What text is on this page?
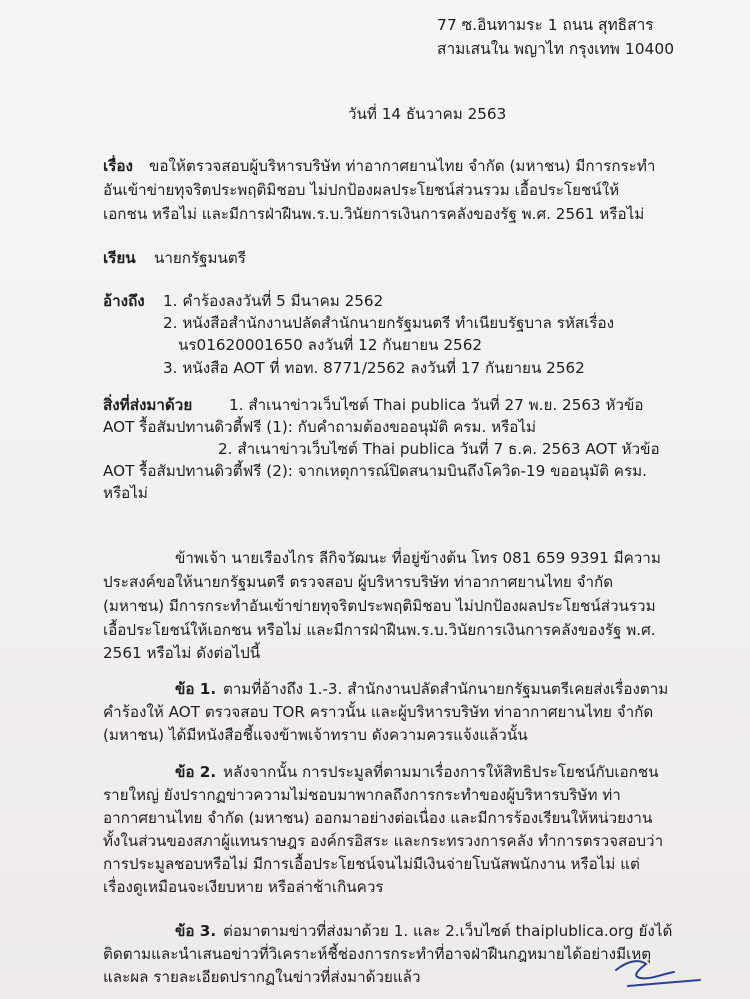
77 ซ.อินทามระ 1 ถนน สุทธิสาร
สามเสนใน พญาไท กรุงเทพ 10400
วันที่ 14 ธันวาคม 2563
เรื่อง ขอให้ตรวจสอบผู้บริหารบริษัท ท่าอากาศยานไทย จำกัด (มหาชน) มีการกระทำ
อันเข้าข่ายทุจริตประพฤติมิชอบ ไม่ปกป้องผลประโยชน์ส่วนรวม เอื้อประโยชน์ให้
เอกชน หรือไม่ และมีการฝ่าฝืนพ.ร.บ.วินัยการเงินการคลังของรัฐ พ.ศ. 2561 หรือไม่
เรียน นายกรัฐมนตรี
อ้างถึง 1. คำร้องลงวันที่ 5 มีนาคม 2562
2. หนังสือสำนักงานปลัดสำนักนายกรัฐมนตรี ทำเนียบรัฐบาล รหัสเรื่อง
นร01620001650 ลงวันที่ 12 กันยายน 2562
3. หนังสือ AOT ที่ ทอท. 8771/2562 ลงวันที่ 17 กันยายน 2562
สิ่งที่ส่งมาด้วย 1. สำเนาข่าวเว็บไซต์ Thai publica วันที่ 27 พ.ย. 2563 หัวข้อ
AOT รื้อสัมปทานดิวตี้ฟรี (1): กับคำถามต้องขออนุมัติ ครม. หรือไม่
2. สำเนาข่าวเว็บไซต์ Thai publica วันที่ 7 ธ.ค. 2563 AOT หัวข้อ
AOT รื้อสัมปทานดิวตี้ฟรี (2): จากเหตุการณ์ปิดสนามบินถึงโควิด-19 ขออนุมัติ ครม.
หรือไม่
ข้าพเจ้า นายเรืองไกร ลีกิจวัฒนะ ที่อยู่ข้างต้น โทร 081 659 9391 มีความ
ประสงค์ขอให้นายกรัฐมนตรี ตรวจสอบ ผู้บริหารบริษัท ท่าอากาศยานไทย จำกัด
(มหาชน) มีการกระทำอันเข้าข่ายทุจริตประพฤติมิชอบ ไม่ปกป้องผลประโยชน์ส่วนรวม
เอื้อประโยชน์ให้เอกชน หรือไม่ และมีการฝ่าฝืนพ.ร.บ.วินัยการเงินการคลังของรัฐ พ.ศ.
2561 หรือไม่ ดังต่อไปนี้
ข้อ 1. ตามที่อ้างถึง 1.-3. สำนักงานปลัดสำนักนายกรัฐมนตรีเคยส่งเรื่องตาม
คำร้องให้ AOT ตรวจสอบ TOR คราวนั้น และผู้บริหารบริษัท ท่าอากาศยานไทย จำกัด
(มหาชน) ได้มีหนังสือชี้แจงข้าพเจ้าทราบ ดังความควรแจ้งแล้วนั้น
ข้อ 2. หลังจากนั้น การประมูลที่ตามมาเรื่องการให้สิทธิประโยชน์กับเอกชน
รายใหญ่ ยังปรากฏข่าวความไม่ชอบมาพากลถึงการกระทำของผู้บริหารบริษัท ท่า
อากาศยานไทย จำกัด (มหาชน) ออกมาอย่างต่อเนื่อง และมีการร้องเรียนให้หน่วยงาน
ทั้งในส่วนของสภาผู้แทนราษฎร องค์กรอิสระ และกระทรวงการคลัง ทำการตรวจสอบว่า
การประมูลชอบหรือไม่ มีการเอื้อประโยชน์จนไม่มีเงินจ่ายโบนัสพนักงาน หรือไม่ แต่
เรื่องดูเหมือนจะเงียบหาย หรือล่าช้าเกินควร
ข้อ 3. ต่อมาตามข่าวที่ส่งมาด้วย 1. และ 2.เว็บไซต์ thaiplublica.org ยังได้
ติดตามและนำเสนอข่าวที่วิเคราะห์ชี้ช่องการกระทำที่อาจฝ่าฝืนกฎหมายได้อย่างมีเหตุ
และผล รายละเอียดปรากฏในข่าวที่ส่งมาด้วยแล้ว
